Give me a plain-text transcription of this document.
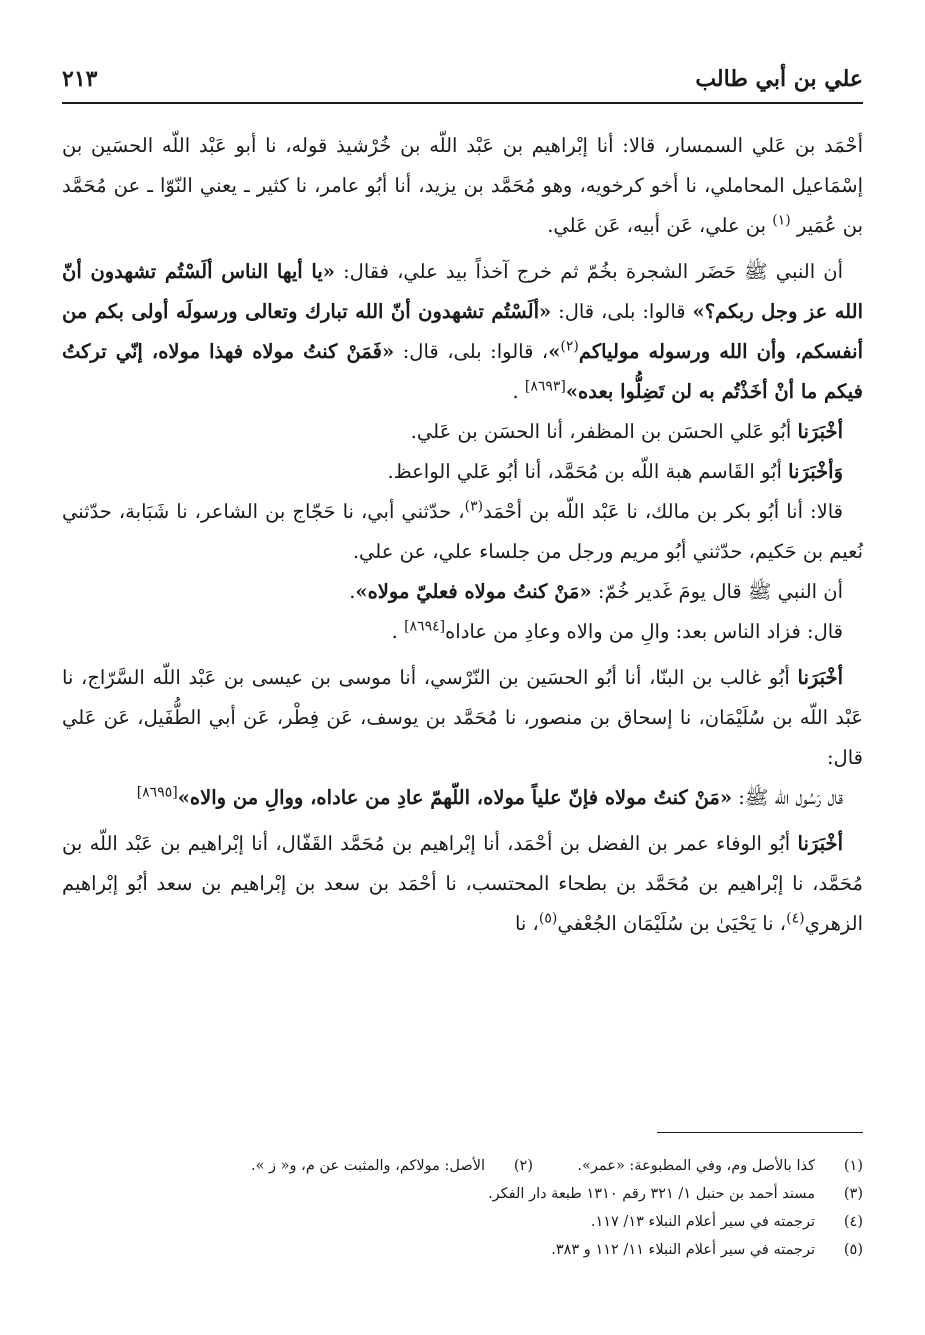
علي بن أبي طالب
٢١٣

أحْمَد بن عَلي السمسار، قالا: أنا إبْراهيم بن عَبْد اللّه بن خُرْشيذ قوله، نا أبو عَبْد اللّه الحسَين بن إسْمَاعيل المحاملي، نا أخو كرخويه، وهو مُحَمَّد بن يزيد، أنا أبُو عامر، نا كثير ـ يعني النّوّا ـ عن مُحَمَّد بن عُمَير $^{(١)}$ بن علي، عَن أبيه، عَن عَلي.

أن النبي ﷺ حَضَر الشجرة بخُمّ ثم خرج آخذاً بيد علي، فقال: «يا أيها الناس ألَسْتُم تشهدون أنّ الله عز وجل ربكم؟» قالوا: بلى، قال: «ألَسْتُم تشهدون أنّ الله تبارك وتعالى ورسولَه أولى بكم من أنفسكم، وأن الله ورسوله مولياكم$^{(٢)}$»، قالوا: بلى، قال: «فَمَنْ كنتُ مولاه فهذا مولاه، إنّي تركتُ فيكم ما أنْ أخَذْتُم به لن تَضِلُّوا بعده»[٨٦٩٣] .

أخْبَرَنا أبُو عَلي الحسَن بن المظفر، أنا الحسَن بن عَلي.

وَأخْبَرَنا أبُو القَاسم هبة اللّه بن مُحَمَّد، أنا أبُو عَلي الواعظ.

قالا: أنا أبُو بكر بن مالك، نا عَبْد اللّه بن أحْمَد$^{(٣)}$، حدّثني أبي، نا حَجّاج بن الشاعر، نا شَبَابة، حدّثني نُعيم بن حَكيم، حدّثني أبُو مريم ورجل من جلساء علي، عن علي.

أن النبي ﷺ قال يومَ غَدير خُمّ: «مَنْ كنتُ مولاه فعليّ مولاه».

قال: فزاد الناس بعد: والِ من والاه وعادِ من عاداه[٨٦٩٤] .

أخْبَرَنا أبُو غالب بن البنّا، أنا أبُو الحسَين بن النّرْسي، أنا موسى بن عيسى بن عَبْد اللّه السَّرّاج، نا عَبْد اللّه بن سُلَيْمَان، نا إسحاق بن منصور، نا مُحَمَّد بن يوسف، عَن فِطْر، عَن أبي الطُّفَيل، عَن عَلي قال:

قال رَسُول اللّه ﷺ: «مَنْ كنتُ مولاه فإنّ علياً مولاه، اللّهمّ عادِ من عاداه، ووالِ من والاه»[٨٦٩٥]

أخْبَرَنا أبُو الوفاء عمر بن الفضل بن أحْمَد، أنا إبْراهيم بن مُحَمَّد القَفّال، أنا إبْراهيم بن عَبْد اللّه بن مُحَمَّد، نا إبْراهيم بن مُحَمَّد بن بطحاء المحتسب، نا أحْمَد بن سعد بن إبْراهيم بن سعد أبُو إبْراهيم الزهري$^{(٤)}$، نا يَحْيَىٰ بن سُلَيْمَان الجُعْفي$^{(٥)}$، نا

(١)
كذا بالأصل وم، وفي المطبوعة: «عمر».
(٢)
الأصل: مولاكم، والمثبت عن م، و« ز ».
(٣)
مسند أحمد بن حنبل ١/ ٣٢١ رقم ١٣١٠ طبعة دار الفكر.
(٤)
ترجمته في سير أعلام النبلاء ١٣/ ١١٧.
(٥)
ترجمته في سير أعلام النبلاء ١١/ ١١٢ و ٣٨٣.
